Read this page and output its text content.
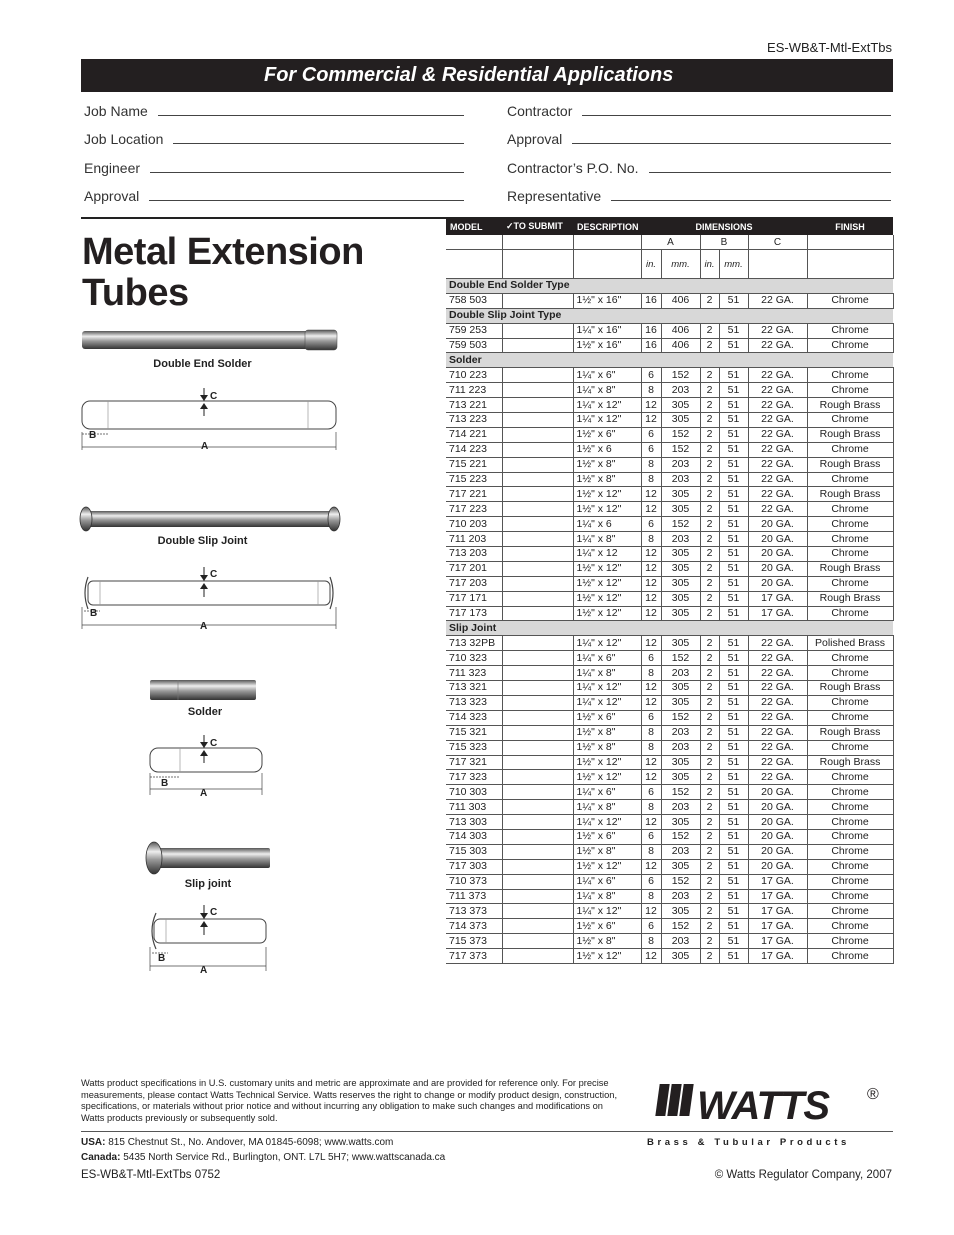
ES-WB&T-Mtl-ExtTbs
For Commercial & Residential Applications
Job Name
Job Location
Engineer
Approval
Contractor
Approval
Contractor’s P.O. No.
Representative
Metal Extension
Tubes
Double End Solder
C
B
A
Double Slip Joint
C
B
A
Solder
C
B
A
Slip joint
C
B
A
MODEL	✓TO SUBMIT	DESCRIPTION	DIMENSIONS					FINISH
			A		B		C	
			in.	mm.	in.	mm.		
Double End Solder Type								
758 503		1½" x 16"	16	406	2	51	22 GA.	Chrome
Double Slip Joint Type								
759 253		1¼" x 16"	16	406	2	51	22 GA.	Chrome
759 503		1½" x 16"	16	406	2	51	22 GA.	Chrome
Solder								
710 223		1¼" x 6"	6	152	2	51	22 GA.	Chrome
711 223		1¼" x 8"	8	203	2	51	22 GA.	Chrome
713 221		1¼" x 12"	12	305	2	51	22 GA.	Rough Brass
713 223		1¼" x 12"	12	305	2	51	22 GA.	Chrome
714 221		1½" x 6"	6	152	2	51	22 GA.	Rough Brass
714 223		1½" x 6	6	152	2	51	22 GA.	Chrome
715 221		1½" x 8"	8	203	2	51	22 GA.	Rough Brass
715 223		1½" x 8"	8	203	2	51	22 GA.	Chrome
717 221		1½" x 12"	12	305	2	51	22 GA.	Rough Brass
717 223		1½" x 12"	12	305	2	51	22 GA.	Chrome
710 203		1¼" x 6	6	152	2	51	20 GA.	Chrome
711 203		1¼" x 8"	8	203	2	51	20 GA.	Chrome
713 203		1¼" x 12	12	305	2	51	20 GA.	Chrome
717 201		1½" x 12"	12	305	2	51	20 GA.	Rough Brass
717 203		1½" x 12"	12	305	2	51	20 GA.	Chrome
717 171		1½" x 12"	12	305	2	51	17 GA.	Rough Brass
717 173		1½" x 12"	12	305	2	51	17 GA.	Chrome
Slip Joint								
713 32PB		1¼" x 12"	12	305	2	51	22 GA.	Polished Brass
710 323		1¼" x 6"	6	152	2	51	22 GA.	Chrome
711 323		1¼" x 8"	8	203	2	51	22 GA.	Chrome
713 321		1¼" x 12"	12	305	2	51	22 GA.	Rough Brass
713 323		1¼" x 12"	12	305	2	51	22 GA.	Chrome
714 323		1½" x 6"	6	152	2	51	22 GA.	Chrome
715 321		1½" x 8"	8	203	2	51	22 GA.	Rough Brass
715 323		1½" x 8"	8	203	2	51	22 GA.	Chrome
717 321		1½" x 12"	12	305	2	51	22 GA.	Rough Brass
717 323		1½" x 12"	12	305	2	51	22 GA.	Chrome
710 303		1¼" x 6"	6	152	2	51	20 GA.	Chrome
711 303		1¼" x 8"	8	203	2	51	20 GA.	Chrome
713 303		1¼" x 12"	12	305	2	51	20 GA.	Chrome
714 303		1½" x 6"	6	152	2	51	20 GA.	Chrome
715 303		1½" x 8"	8	203	2	51	20 GA.	Chrome
717 303		1½" x 12"	12	305	2	51	20 GA.	Chrome
710 373		1¼" x 6"	6	152	2	51	17 GA.	Chrome
711 373		1¼" x 8"	8	203	2	51	17 GA.	Chrome
713 373		1¼" x 12"	12	305	2	51	17 GA.	Chrome
714 373		1½" x 6"	6	152	2	51	17 GA.	Chrome
715 373		1½" x 8"	8	203	2	51	17 GA.	Chrome
717 373		1½" x 12"	12	305	2	51	17 GA.	Chrome
Watts product specifications in U.S. customary units and metric are approximate and are provided for reference only. For precise measurements, please contact Watts Technical Service. Watts reserves the right to change or modify product design, construction, specifications, or materials without prior notice and without incurring any obligation to make such changes and modifications on Watts products previously or subsequently sold.
USA: 815 Chestnut St., No. Andover, MA 01845-6098; www.watts.com
Canada: 5435 North Service Rd., Burlington, ONT. L7L 5H7; www.wattscanada.ca
ES-WB&T-Mtl-ExtTbs 0752	© Watts Regulator Company, 2007
WATTS ®
Brass & Tubular Products
